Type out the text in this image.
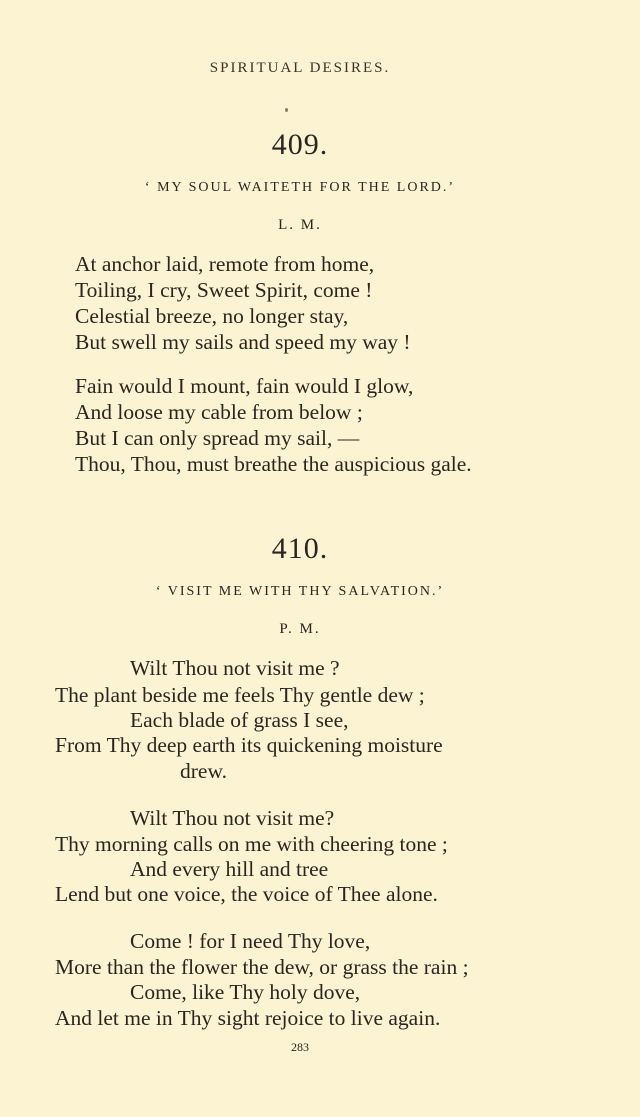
SPIRITUAL DESIRES.
409.
‘ MY SOUL WAITETH FOR THE LORD.’
L. M.
At anchor laid, remote from home,
Toiling, I cry, Sweet Spirit, come !
Celestial breeze, no longer stay,
But swell my sails and speed my way !
Fain would I mount, fain would I glow,
And loose my cable from below ;
But I can only spread my sail, —
Thou, Thou, must breathe the auspicious gale.
410.
‘ VISIT ME WITH THY SALVATION.’
P. M.
Wilt Thou not visit me ?
The plant beside me feels Thy gentle dew ;
Each blade of grass I see,
From Thy deep earth its quickening moisture
drew.
Wilt Thou not visit me?
Thy morning calls on me with cheering tone ;
And every hill and tree
Lend but one voice, the voice of Thee alone.
Come ! for I need Thy love,
More than the flower the dew, or grass the rain ;
Come, like Thy holy dove,
And let me in Thy sight rejoice to live again.
283
